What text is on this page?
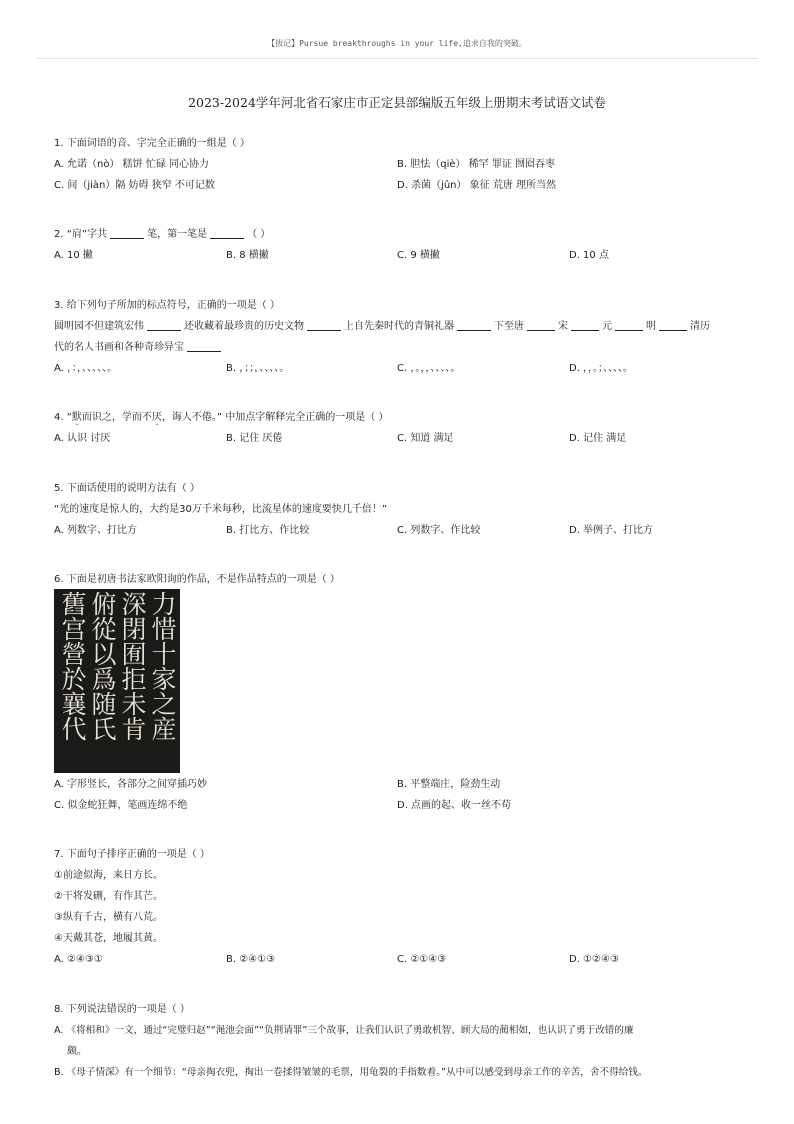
【拔记】Pursue breakthroughs in your life,追求自我的突破。
2023-2024学年河北省石家庄市正定县部编版五年级上册期末考试语文试卷
1. 下面词语的音、字完全正确的一组是（ ）
A. 允诺（nò） 糕饼 忙碌 同心协力	B. 胆怯（qiè） 稀罕 罪证 囫囵吞枣
C. 间（jiàn）隔 妨碍 狭窄 不可记数	D. 杀菌（jǔn） 象征 荒唐 理所当然
2. “肩”字共	笔，第一笔是	（ ）
A. 10 撇	B. 8 横撇	C. 9 横撇	D. 10 点
3. 给下列句子所加的标点符号，正确的一项是（ ）
圆明园不但建筑宏伟	还收藏着最珍贵的历史文物	上自先秦时代的青铜礼器	下至唐	宋	元	明	清历
代的名人书画和各种奇珍异宝
A. ，：，、、、、、。	B. ，；；，、、、、。	C. ，。，，、、、、。	D. ，，。；、、、、。
4. “默而识之，学而不厌，诲人不倦。” 中加点字解释完全正确的一项是（ ）
A. 认识 讨厌	B. 记住 厌倦	C. 知道 满足	D. 记住 满足
5. 下面话使用的说明方法有（ ）
“光的速度是惊人的，大约是30万千米每秒，比流星体的速度要快几千倍！”
A. 列数字、打比方	B. 打比方、作比较	C. 列数字、作比较	D. 举例子、打比方
6. 下面是初唐书法家欧阳询的作品，不是作品特点的一项是（ ）
力惜十家之産
深閉囿拒未肯
俯從以爲随氏
舊宫營於襄代
A. 字形竖长，各部分之间穿插巧妙	B. 平整端庄，险劲生动
C. 似金蛇狂舞，笔画连绵不绝	D. 点画的起、收一丝不苟
7. 下面句子排序正确的一项是（ ）
①前途似海，来日方长。
②干将发硎，有作其芒。
③纵有千古，横有八荒。
④天戴其苍，地履其黄。
A. ②④③①	B. ②④①③	C. ②①④③	D. ①②④③
8. 下列说法错误的一项是（ ）
A. 《将相和》一文，通过“完璧归赵”“渑池会面”“负荆请罪”三个故事，让我们认识了勇敢机智、顾大局的蔺相如，也认识了勇于改错的廉
颇。
B. 《母子情深》有一个细节：“母亲掏衣兜，掏出一卷揉得皱皱的毛票，用龟裂的手指数着。”从中可以感受到母亲工作的辛苦，舍不得给钱。
